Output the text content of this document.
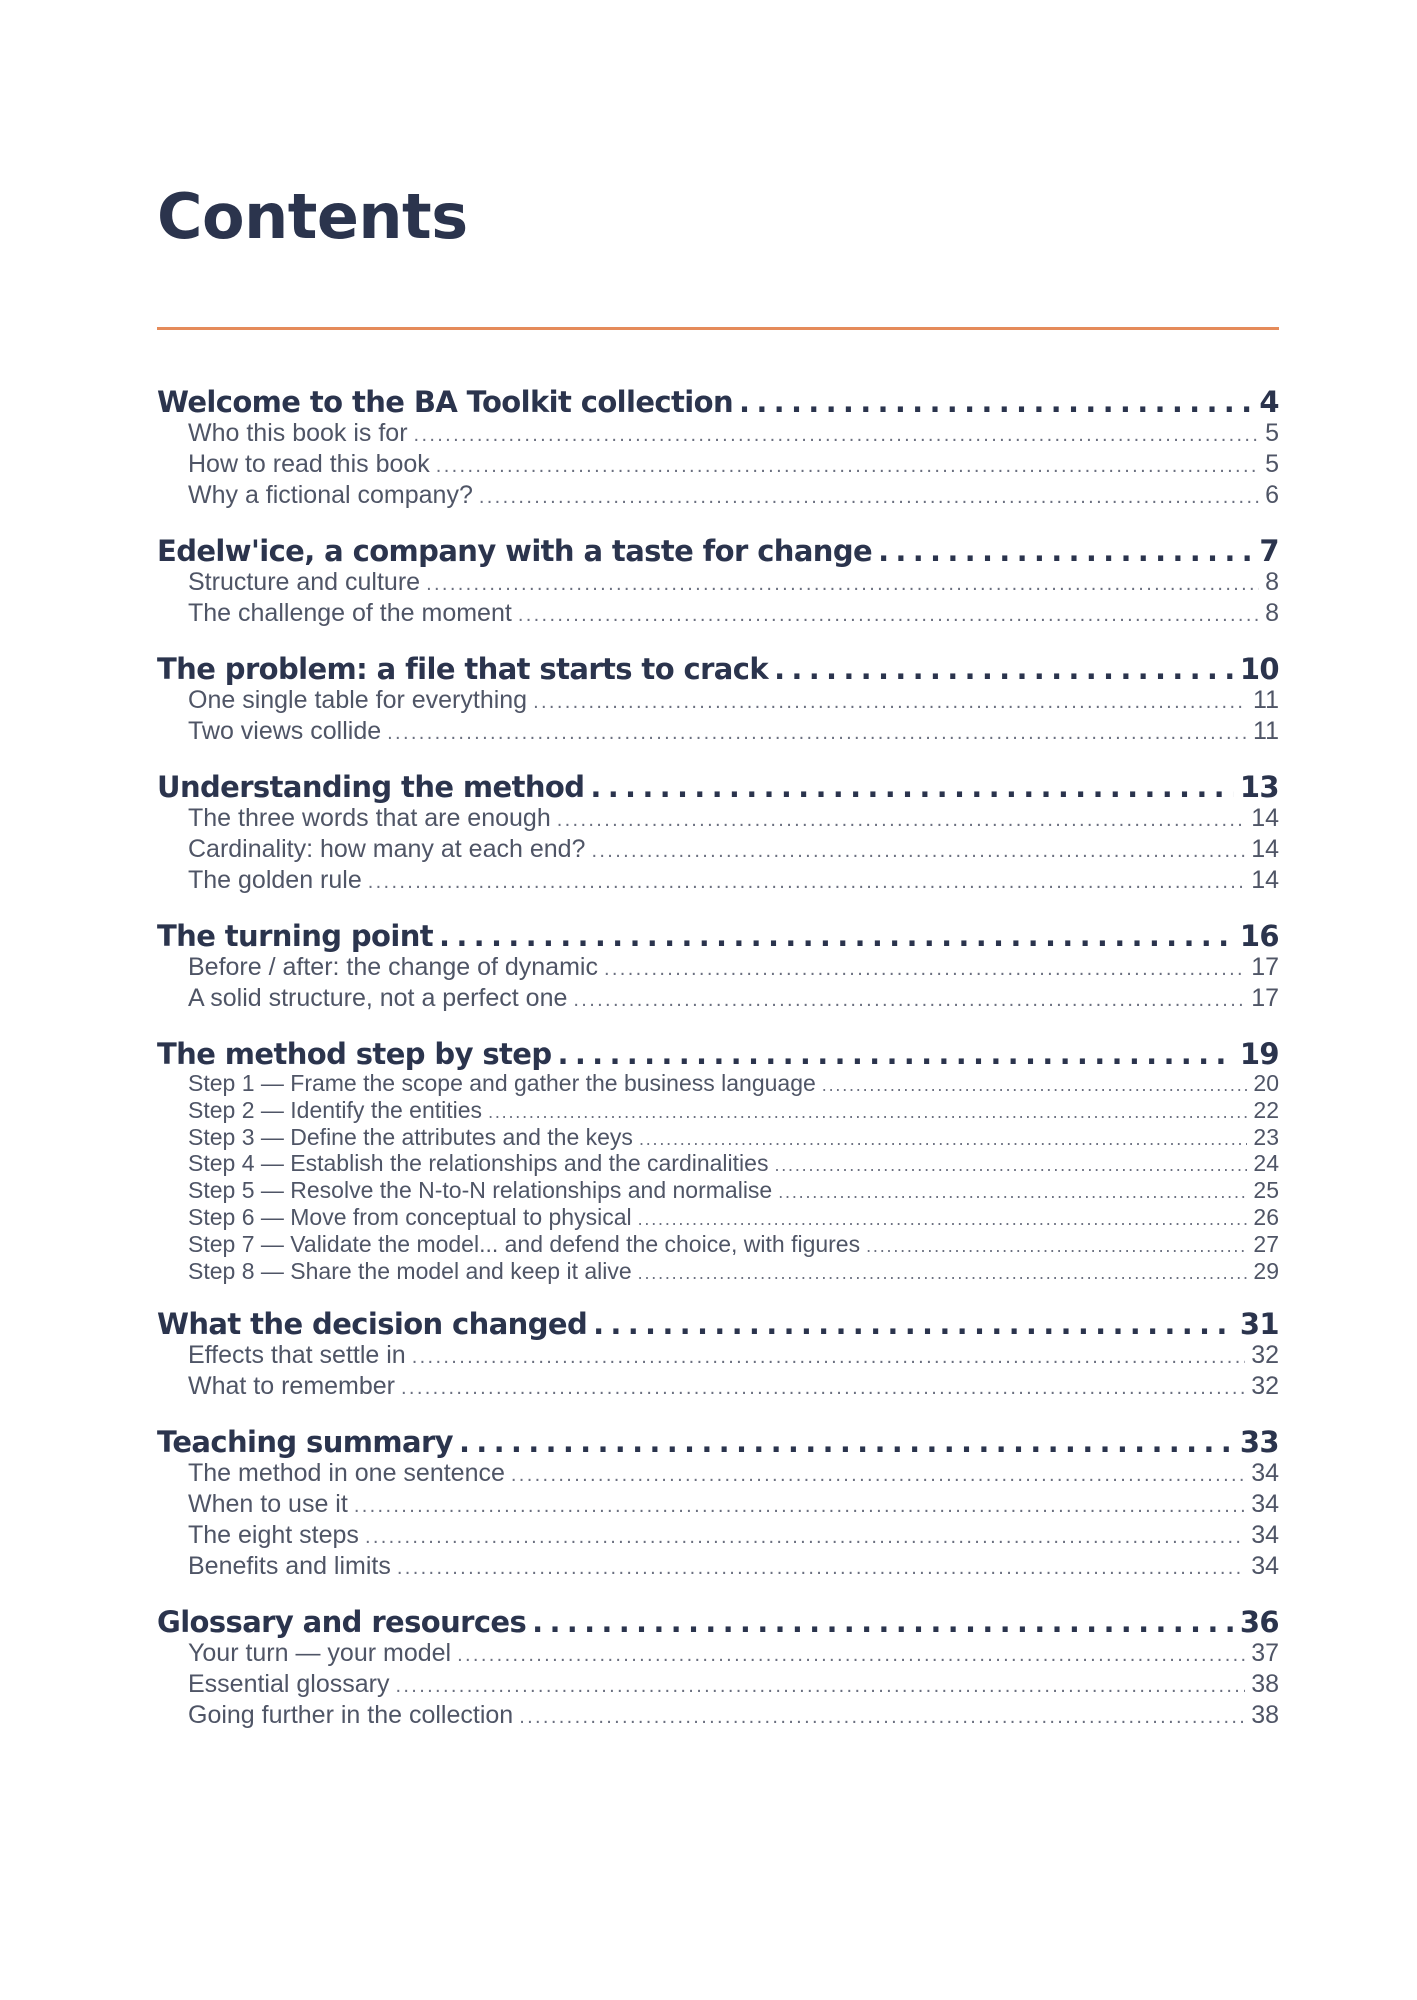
Contents
Welcome to the BA Toolkit collection . . .	4
Who this book is for . . .	5
How to read this book . . .	5
Why a fictional company? . . .	6
Edelw'ice, a company with a taste for change . . .	7
Structure and culture . . .	8
The challenge of the moment . . .	8
The problem: a file that starts to crack . . .	10
One single table for everything . . .	11
Two views collide . . .	11
Understanding the method . . .	13
The three words that are enough . . .	14
Cardinality: how many at each end? . . .	14
The golden rule . . .	14
The turning point . . .	16
Before / after: the change of dynamic . . .	17
A solid structure, not a perfect one . . .	17
The method step by step . . .	19
Step 1 — Frame the scope and gather the business language . . .	20
Step 2 — Identify the entities . . .	22
Step 3 — Define the attributes and the keys . . .	23
Step 4 — Establish the relationships and the cardinalities . . .	24
Step 5 — Resolve the N-to-N relationships and normalise . . .	25
Step 6 — Move from conceptual to physical . . .	26
Step 7 — Validate the model... and defend the choice, with figures . . .	27
Step 8 — Share the model and keep it alive . . .	29
What the decision changed . . .	31
Effects that settle in . . .	32
What to remember . . .	32
Teaching summary . . .	33
The method in one sentence . . .	34
When to use it . . .	34
The eight steps . . .	34
Benefits and limits . . .	34
Glossary and resources . . .	36
Your turn — your model . . .	37
Essential glossary . . .	38
Going further in the collection . . .	38
